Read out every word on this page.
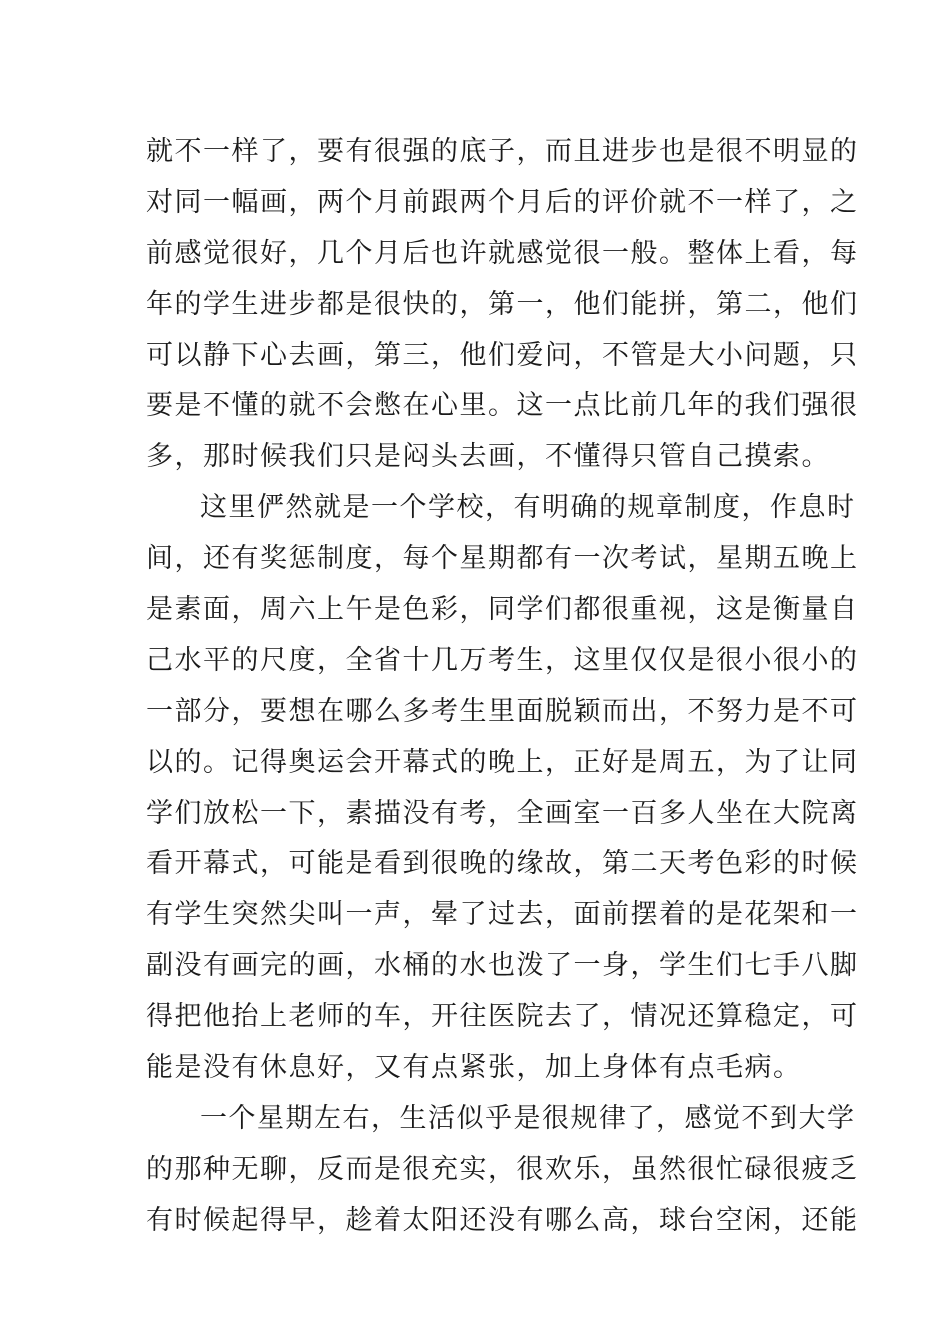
就不一样了，要有很强的底子，而且进步也是很不明显的
对同一幅画，两个月前跟两个月后的评价就不一样了，之
前感觉很好，几个月后也许就感觉很一般。整体上看，每
年的学生进步都是很快的，第一，他们能拼，第二，他们
可以静下心去画，第三，他们爱问，不管是大小问题，只
要是不懂的就不会憋在心里。这一点比前几年的我们强很
多，那时候我们只是闷头去画，不懂得只管自己摸索。
这里俨然就是一个学校，有明确的规章制度，作息时
间，还有奖惩制度，每个星期都有一次考试，星期五晚上
是素面，周六上午是色彩，同学们都很重视，这是衡量自
己水平的尺度，全省十几万考生，这里仅仅是很小很小的
一部分，要想在哪么多考生里面脱颖而出，不努力是不可
以的。记得奥运会开幕式的晚上，正好是周五，为了让同
学们放松一下，素描没有考，全画室一百多人坐在大院离
看开幕式，可能是看到很晚的缘故，第二天考色彩的时候
有学生突然尖叫一声，晕了过去，面前摆着的是花架和一
副没有画完的画，水桶的水也泼了一身，学生们七手八脚
得把他抬上老师的车，开往医院去了，情况还算稳定，可
能是没有休息好，又有点紧张，加上身体有点毛病。
一个星期左右，生活似乎是很规律了，感觉不到大学
的那种无聊，反而是很充实，很欢乐，虽然很忙碌很疲乏
有时候起得早，趁着太阳还没有哪么高，球台空闲，还能
